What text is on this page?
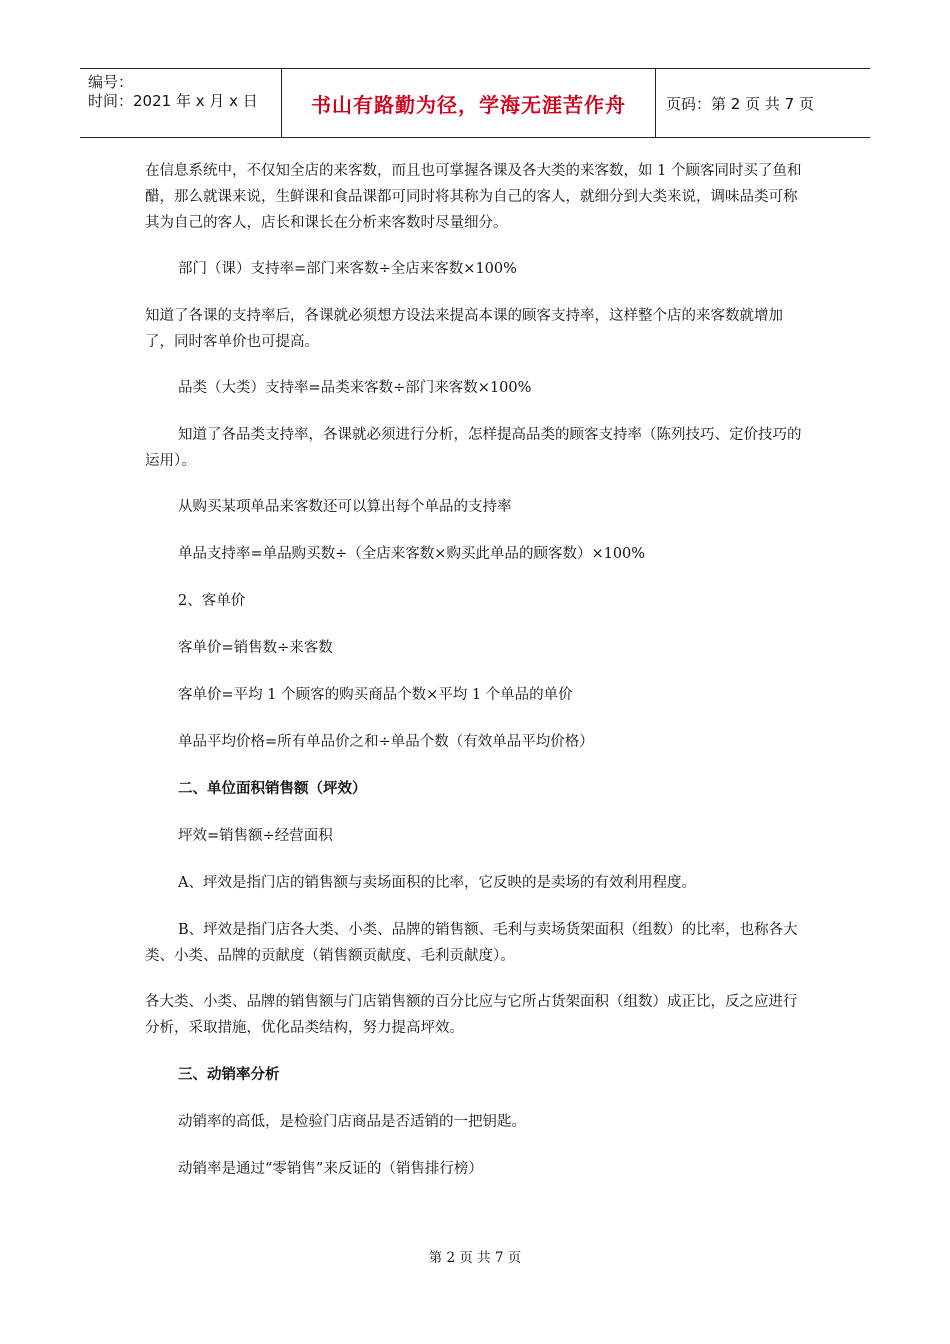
编号：
时间：2021 年 x 月 x 日	书山有路勤为径，学海无涯苦作舟	页码：第 2 页 共 7 页

在信息系统中，不仅知全店的来客数，而且也可掌握各课及各大类的来客数，如 1 个顾客同时买了鱼和醋，那么就课来说，生鲜课和食品课都可同时将其称为自己的客人，就细分到大类来说，调味品类可称其为自己的客人，店长和课长在分析来客数时尽量细分。

部门（课）支持率=部门来客数÷全店来客数×100%

知道了各课的支持率后，各课就必须想方设法来提高本课的顾客支持率，这样整个店的来客数就增加了，同时客单价也可提高。

品类（大类）支持率=品类来客数÷部门来客数×100%

知道了各品类支持率，各课就必须进行分析，怎样提高品类的顾客支持率（陈列技巧、定价技巧的运用）。

从购买某项单品来客数还可以算出每个单品的支持率

单品支持率=单品购买数÷（全店来客数×购买此单品的顾客数）×100%

2、客单价

客单价=销售数÷来客数

客单价=平均 1 个顾客的购买商品个数×平均 1 个单品的单价

单品平均价格=所有单品价之和÷单品个数（有效单品平均价格）

二、单位面积销售额（坪效）

坪效=销售额÷经营面积

A、坪效是指门店的销售额与卖场面积的比率，它反映的是卖场的有效利用程度。

B、坪效是指门店各大类、小类、品牌的销售额、毛利与卖场货架面积（组数）的比率，也称各大类、小类、品牌的贡献度（销售额贡献度、毛利贡献度）。

各大类、小类、品牌的销售额与门店销售额的百分比应与它所占货架面积（组数）成正比，反之应进行分析，采取措施，优化品类结构，努力提高坪效。

三、动销率分析

动销率的高低，是检验门店商品是否适销的一把钥匙。

动销率是通过“零销售”来反证的（销售排行榜）

第 2 页 共 7 页
